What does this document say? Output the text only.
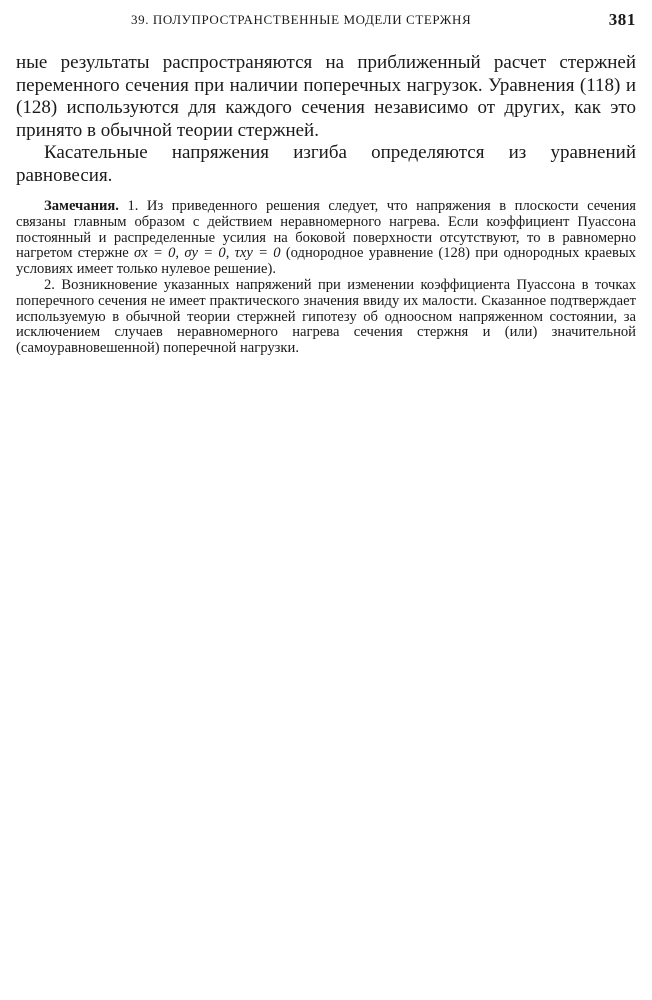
39. ПОЛУПРОСТРАНСТВЕННЫЕ МОДЕЛИ СТЕРЖНЯ	381

ные результаты распространяются на приближенный расчет стержней переменного сечения при наличии поперечных нагрузок. Уравнения (118) и (128) используются для каждого сечения независимо от других, как это принято в обычной теории стержней.

Касательные напряжения изгиба определяются из уравнений равновесия.

Замечания. 1. Из приведенного решения следует, что напряжения в плоскости сечения связаны главным образом с действием неравномерного нагрева. Если коэффициент Пуассона постоянный и распределенные усилия на боковой поверхности отсутствуют, то в равномерно нагретом стержне σx = 0, σy = 0, τxy = 0 (однородное уравнение (128) при однородных краевых условиях имеет только нулевое решение).

2. Возникновение указанных напряжений при изменении коэффициента Пуассона в точках поперечного сечения не имеет практического значения ввиду их малости. Сказанное подтверждает используемую в обычной теории стержней гипотезу об одноосном напряженном состоянии, за исключением случаев неравномерного нагрева сечения стержня и (или) значительной (самоуравновешенной) поперечной нагрузки.
